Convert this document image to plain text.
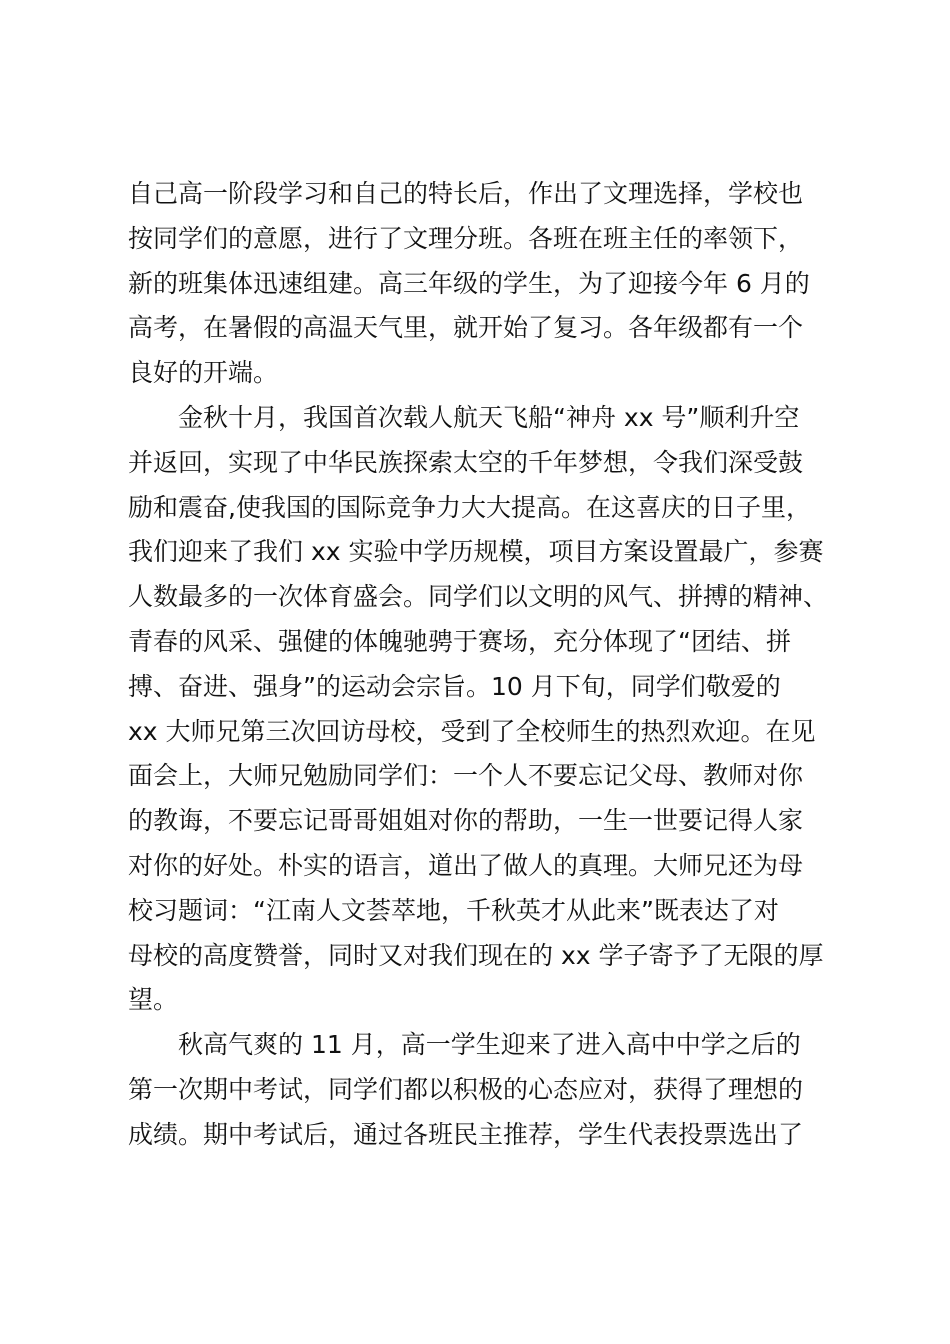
自己高一阶段学习和自己的特长后，作出了文理选择，学校也
按同学们的意愿，进行了文理分班。各班在班主任的率领下，
新的班集体迅速组建。高三年级的学生，为了迎接今年 6 月的
高考，在暑假的高温天气里，就开始了复习。各年级都有一个
良好的开端。
金秋十月，我国首次载人航天飞船“神舟 xx 号”顺利升空
并返回，实现了中华民族探索太空的千年梦想，令我们深受鼓
励和震奋,使我国的国际竞争力大大提高。在这喜庆的日子里，
我们迎来了我们 xx 实验中学历规模，项目方案设置最广，参赛
人数最多的一次体育盛会。同学们以文明的风气、拼搏的精神、
青春的风采、强健的体魄驰骋于赛场，充分体现了“团结、拼
搏、奋进、强身”的运动会宗旨。10 月下旬，同学们敬爱的
xx 大师兄第三次回访母校，受到了全校师生的热烈欢迎。在见
面会上，大师兄勉励同学们：一个人不要忘记父母、教师对你
的教诲，不要忘记哥哥姐姐对你的帮助，一生一世要记得人家
对你的好处。朴实的语言，道出了做人的真理。大师兄还为母
校习题词：“江南人文荟萃地，千秋英才从此来”既表达了对
母校的高度赞誉，同时又对我们现在的 xx 学子寄予了无限的厚
望。
秋高气爽的 11 月，高一学生迎来了进入高中中学之后的
第一次期中考试，同学们都以积极的心态应对，获得了理想的
成绩。期中考试后，通过各班民主推荐，学生代表投票选出了
